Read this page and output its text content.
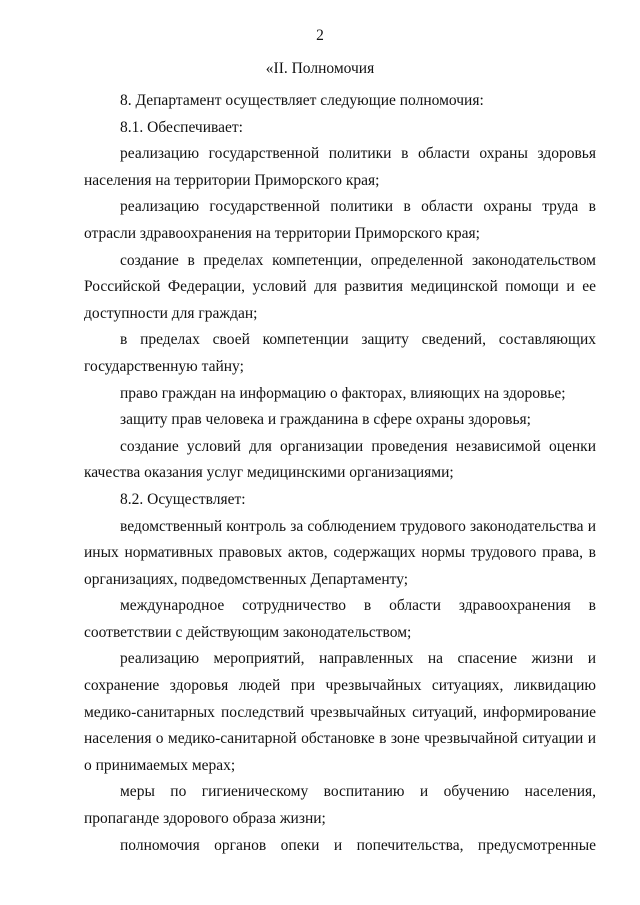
2
«II. Полномочия

8. Департамент осуществляет следующие полномочия:

8.1. Обеспечивает:

реализацию государственной политики в области охраны здоровья населения на территории Приморского края;

реализацию государственной политики в области охраны труда в отрасли здравоохранения на территории Приморского края;

создание в пределах компетенции, определенной законодательством Российской Федерации, условий для развития медицинской помощи и ее доступности для граждан;

в пределах своей компетенции защиту сведений, составляющих государственную тайну;

право граждан на информацию о факторах, влияющих на здоровье;

защиту прав человека и гражданина в сфере охраны здоровья;

создание условий для организации проведения независимой оценки качества оказания услуг медицинскими организациями;

8.2. Осуществляет:

ведомственный контроль за соблюдением трудового законодательства и иных нормативных правовых актов, содержащих нормы трудового права, в организациях, подведомственных Департаменту;

международное сотрудничество в области здравоохранения в соответствии с действующим законодательством;

реализацию мероприятий, направленных на спасение жизни и сохранение здоровья людей при чрезвычайных ситуациях, ликвидацию медико-санитарных последствий чрезвычайных ситуаций, информирование населения о медико-санитарной обстановке в зоне чрезвычайной ситуации и о принимаемых мерах;

меры по гигиеническому воспитанию и обучению населения, пропаганде здорового образа жизни;

полномочия органов опеки и попечительства, предусмотренные
